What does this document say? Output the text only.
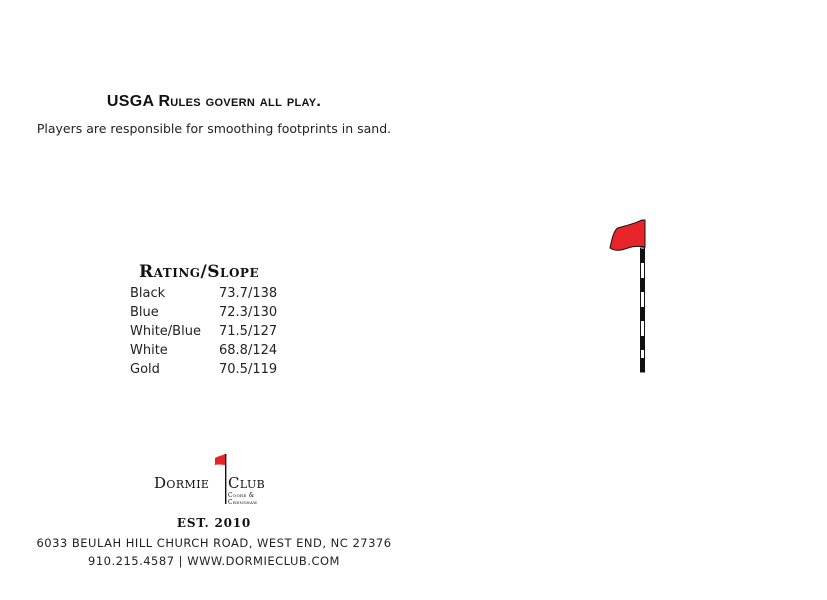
USGA Rules govern all play.
Players are responsible for smoothing footprints in sand.
Rating/Slope
Black	73.7/138
Blue	72.3/130
White/Blue	71.5/127
White	68.8/124
Gold	70.5/119
Dormie Club
Coore & Crenshaw
EST. 2010
6033 BEULAH HILL CHURCH ROAD, WEST END, NC 27376
910.215.4587 | WWW.DORMIECLUB.COM
